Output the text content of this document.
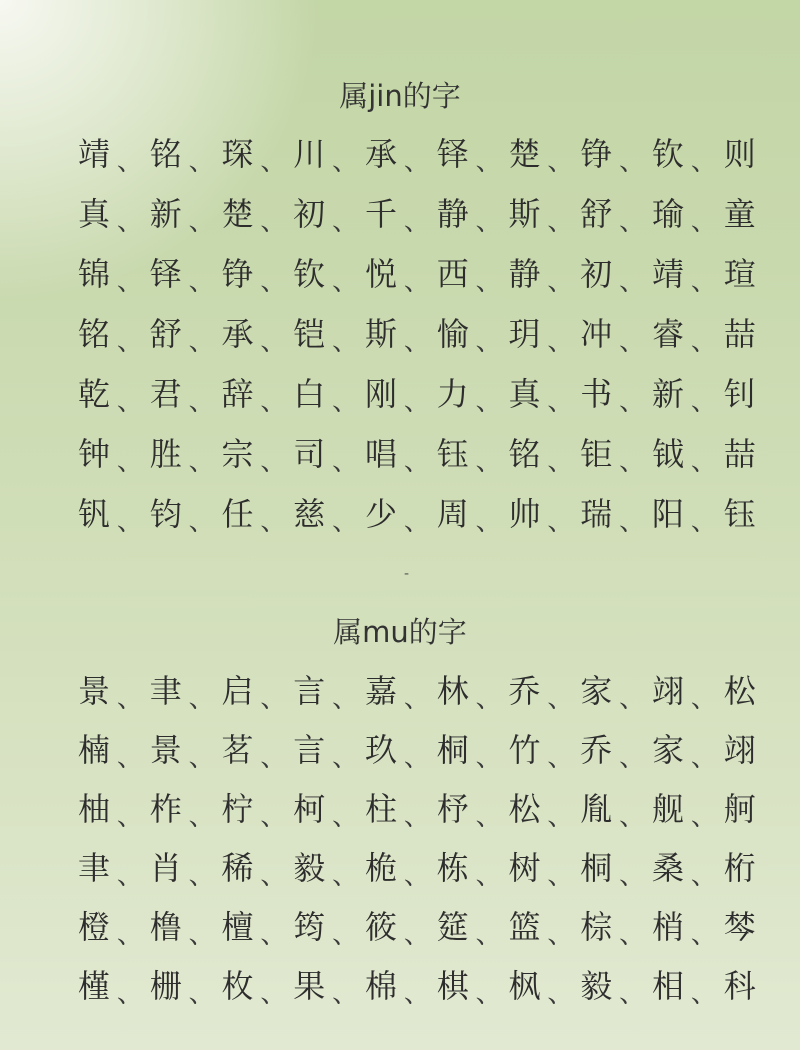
属jin的字
靖 、 铭 、 琛 、 川 、 承 、 铎 、 楚 、 铮 、 钦 、 则
真 、 新 、 楚 、 初 、 千 、 静 、 斯 、 舒 、 瑜 、 童
锦 、 铎 、 铮 、 钦 、 悦 、 西 、 静 、 初 、 靖 、 瑄
铭 、 舒 、 承 、 铠 、 斯 、 愉 、 玥 、 冲 、 睿 、 喆
乾 、 君 、 辞 、 白 、 刚 、 力 、 真 、 书 、 新 、 钊
钟 、 胜 、 宗 、 司 、 唱 、 钰 、 铭 、 钜 、 钺 、 喆
钒 、 钧 、 任 、 慈 、 少 、 周 、 帅 、 瑞 、 阳 、 钰
-
属mu的字
景 、 聿 、 启 、 言 、 嘉 、 林 、 乔 、 家 、 翊 、 松
楠 、 景 、 茗 、 言 、 玖 、 桐 、 竹 、 乔 、 家 、 翊
柚 、 柞 、 柠 、 柯 、 柱 、 杼 、 松 、 胤 、 舰 、 舸
聿 、 肖 、 稀 、 毅 、 桅 、 栋 、 树 、 桐 、 桑 、 桁
橙 、 橹 、 檀 、 筠 、 筱 、 筵 、 篮 、 棕 、 梢 、 棽
槿 、 栅 、 枚 、 果 、 棉 、 棋 、 枫 、 毅 、 相 、 科
